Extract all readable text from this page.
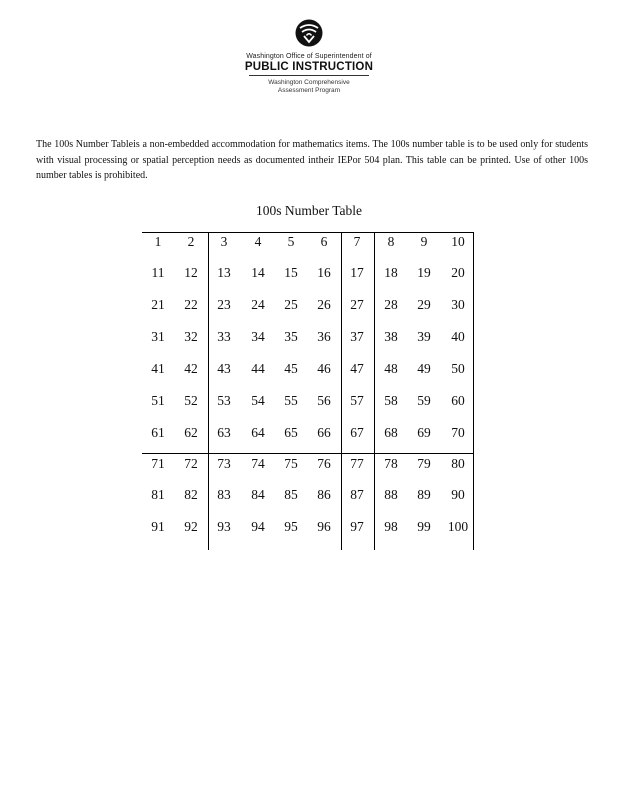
Washington Office of Superintendent of
PUBLIC INSTRUCTION
Washington Comprehensive Assessment Program

The 100s Number Tableis a non-embedded accommodation for mathematics items. The 100s number table is to be used only for students with visual processing or spatial perception needs as documented intheir IEPor 504 plan. This table can be printed. Use of other 100s number tables is prohibited.

100s Number Table
1	2	3	4	5	6	7	8	9	10
11	12	13	14	15	16	17	18	19	20
21	22	23	24	25	26	27	28	29	30
31	32	33	34	35	36	37	38	39	40
41	42	43	44	45	46	47	48	49	50
51	52	53	54	55	56	57	58	59	60
61	62	63	64	65	66	67	68	69	70
71	72	73	74	75	76	77	78	79	80
81	82	83	84	85	86	87	88	89	90
91	92	93	94	95	96	97	98	99	100
